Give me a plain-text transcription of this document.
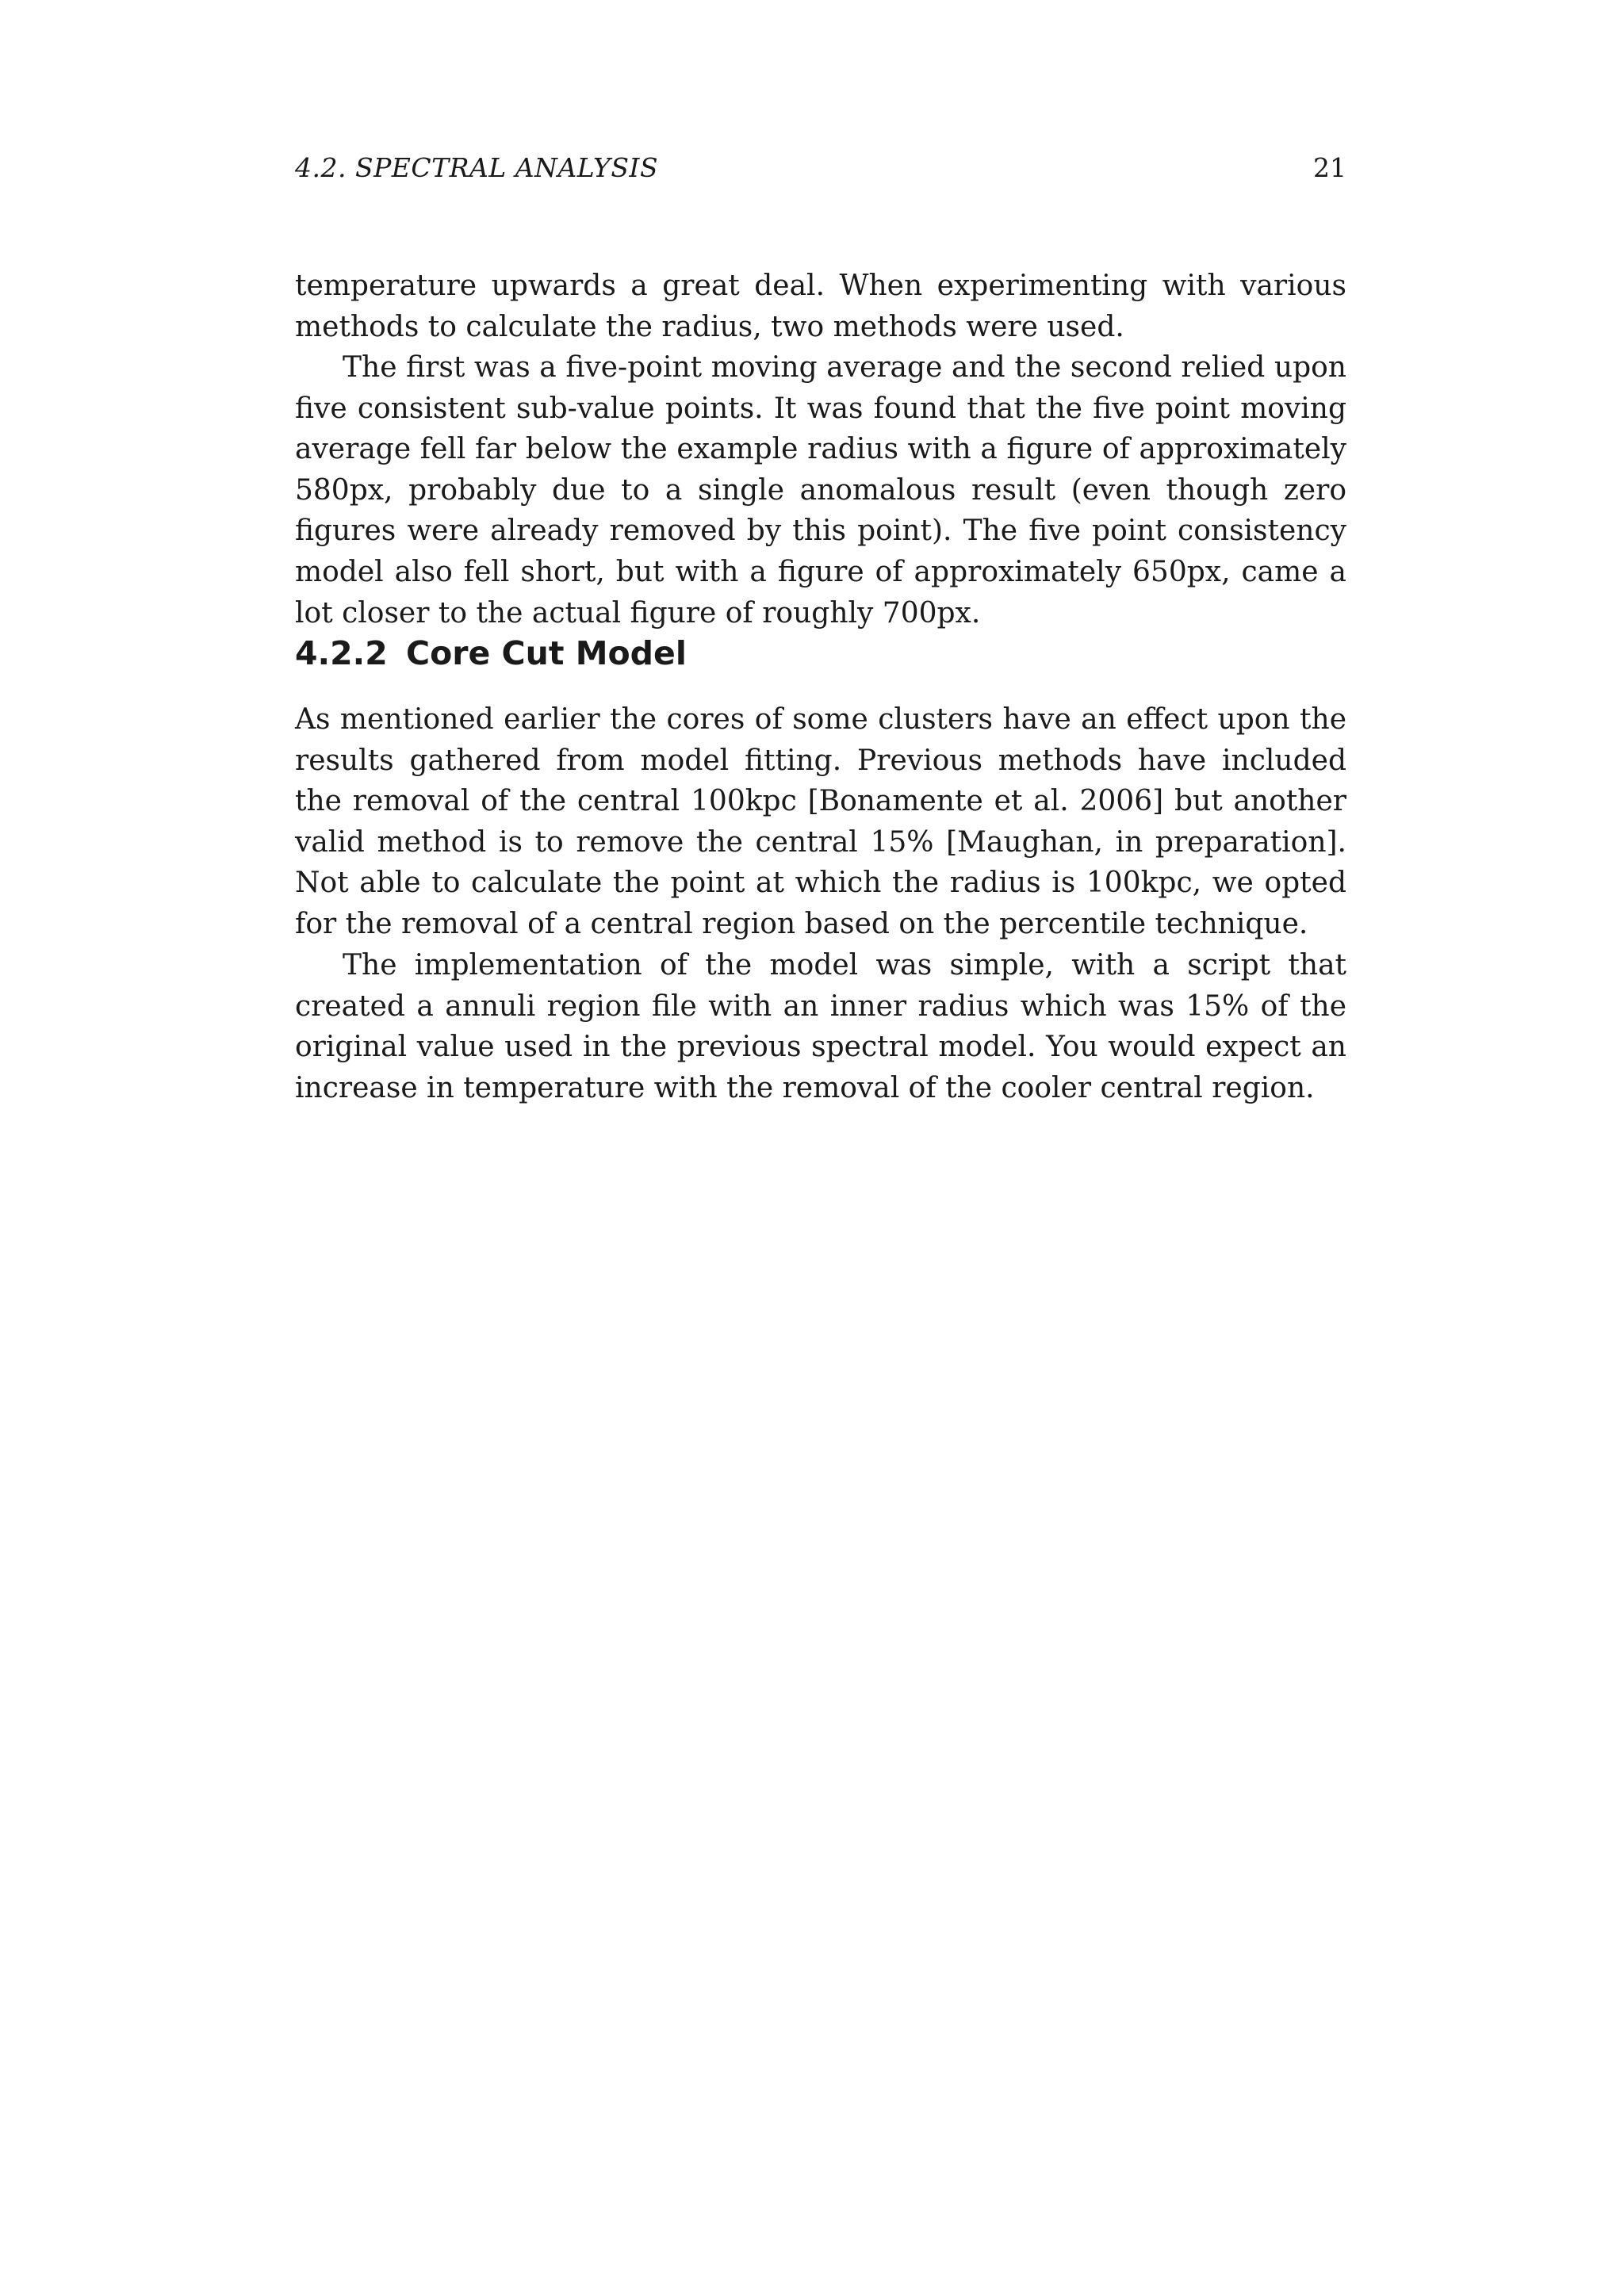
4.2. SPECTRAL ANALYSIS	21

temperature upwards a great deal. When experimenting with various methods to calculate the radius, two methods were used.

The first was a five-point moving average and the second relied upon five consistent sub-value points. It was found that the five point moving average fell far below the example radius with a figure of approximately 580px, probably due to a single anomalous result (even though zero figures were already removed by this point). The five point consistency model also fell short, but with a figure of approximately 650px, came a lot closer to the actual figure of roughly 700px.

4.2.2 Core Cut Model

As mentioned earlier the cores of some clusters have an effect upon the results gathered from model fitting. Previous methods have included the removal of the central 100kpc [Bonamente et al. 2006] but another valid method is to remove the central 15% [Maughan, in preparation]. Not able to calculate the point at which the radius is 100kpc, we opted for the removal of a central region based on the percentile technique.

The implementation of the model was simple, with a script that created a annuli region file with an inner radius which was 15% of the original value used in the previous spectral model. You would expect an increase in temperature with the removal of the cooler central region.
